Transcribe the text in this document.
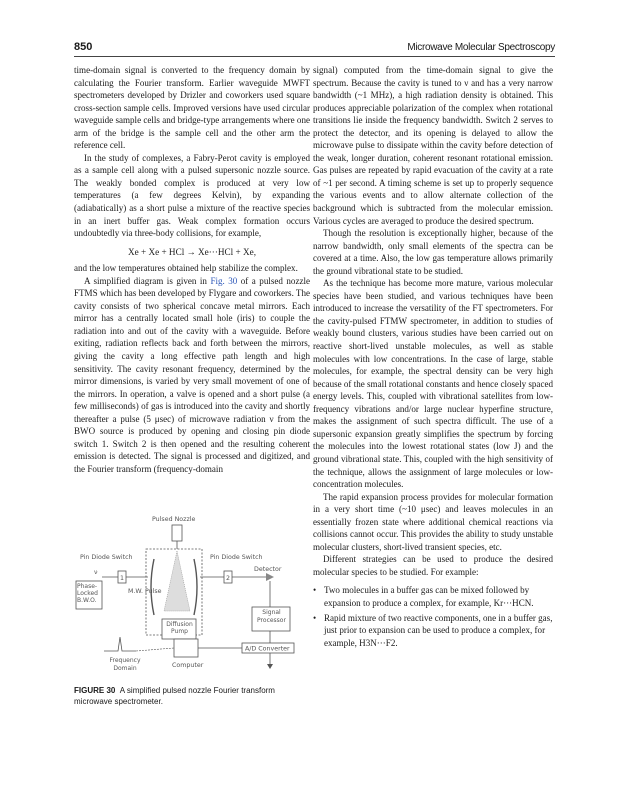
850	Microwave Molecular Spectroscopy

time-domain signal is converted to the frequency domain by calculating the Fourier transform. Earlier waveguide MWFT spectrometers developed by Drizler and coworkers used square cross-section sample cells. Improved versions have used circular waveguide sample cells and bridge-type arrangements where one arm of the bridge is the sample cell and the other arm the reference cell.

In the study of complexes, a Fabry-Perot cavity is employed as a sample cell along with a pulsed supersonic nozzle source. The weakly bonded complex is produced at very low temperatures (a few degrees Kelvin), by expanding (adiabatically) as a short pulse a mixture of the reactive species in an inert buffer gas. Weak complex formation occurs undoubtedly via three-body collisions, for example,

Xe + Xe + HCl → Xe···HCl + Xe,

and the low temperatures obtained help stabilize the complex.

A simplified diagram is given in Fig. 30 of a pulsed nozzle FTMS which has been developed by Flygare and coworkers. The cavity consists of two spherical concave metal mirrors. Each mirror has a centrally located small hole (iris) to couple the radiation into and out of the cavity with a waveguide. Before exiting, radiation reflects back and forth between the mirrors, giving the cavity a long effective path length and high sensitivity. The cavity resonant frequency, determined by the mirror dimensions, is varied by very small movement of one of the mirrors. In operation, a valve is opened and a short pulse (a few milliseconds) of gas is introduced into the cavity and shortly thereafter a pulse (5 μsec) of microwave radiation ν from the BWO source is produced by opening and closing pin diode switch 1. Switch 2 is then opened and the resulting coherent emission is detected. The signal is processed and digitized, and the Fourier transform (frequency-domain

Pulsed Nozzle
Pin Diode Switch
1
ν
M.W. Pulse
Phase-Locked B.W.O.
Pin Diode Switch
2
Detector
Diffusion Pump
Signal Processor
A/D Converter
Computer
Frequency Domain
FIGURE 30 A simplified pulsed nozzle Fourier transform microwave spectrometer.

signal) computed from the time-domain signal to give the spectrum. Because the cavity is tuned to ν and has a very narrow bandwidth (~1 MHz), a high radiation density is obtained. This produces appreciable polarization of the complex when rotational transitions lie inside the frequency bandwidth. Switch 2 serves to protect the detector, and its opening is delayed to allow the microwave pulse to dissipate within the cavity before detection of the weak, longer duration, coherent resonant rotational emission. Gas pulses are repeated by rapid evacuation of the cavity at a rate of ~1 per second. A timing scheme is set up to properly sequence the various events and to allow alternate collection of the background which is subtracted from the molecular emission. Various cycles are averaged to produce the desired spectrum.

Though the resolution is exceptionally higher, because of the narrow bandwidth, only small elements of the spectra can be covered at a time. Also, the low gas temperature allows primarily the ground vibrational state to be studied.

As the technique has become more mature, various molecular species have been studied, and various techniques have been introduced to increase the versatility of the FT spectrometers. For the cavity-pulsed FTMW spectrometer, in addition to studies of weakly bound clusters, various studies have been carried out on reactive short-lived unstable molecules, as well as stable molecules with low concentrations. In the case of large, stable molecules, for example, the spectral density can be very high because of the small rotational constants and hence closely spaced energy levels. This, coupled with vibrational satellites from low-frequency vibrations and/or large nuclear hyperfine structure, makes the assignment of such spectra difficult. The use of a supersonic expansion greatly simplifies the spectrum by forcing the molecules into the lowest rotational states (low J) and the ground vibrational state. This, coupled with the high sensitivity of the technique, allows the assignment of large molecules or low-concentration molecules.

The rapid expansion process provides for molecular formation in a very short time (~10 μsec) and leaves molecules in an essentially frozen state where additional chemical reactions via collisions cannot occur. This provides the ability to study unstable molecular clusters, short-lived transient species, etc.

Different strategies can be used to produce the desired molecular species to be studied. For example:

• Two molecules in a buffer gas can be mixed followed by expansion to produce a complex, for example, Kr···HCN.
• Rapid mixture of two reactive components, one in a buffer gas, just prior to expansion can be used to produce a complex, for example, H3N···F2.
